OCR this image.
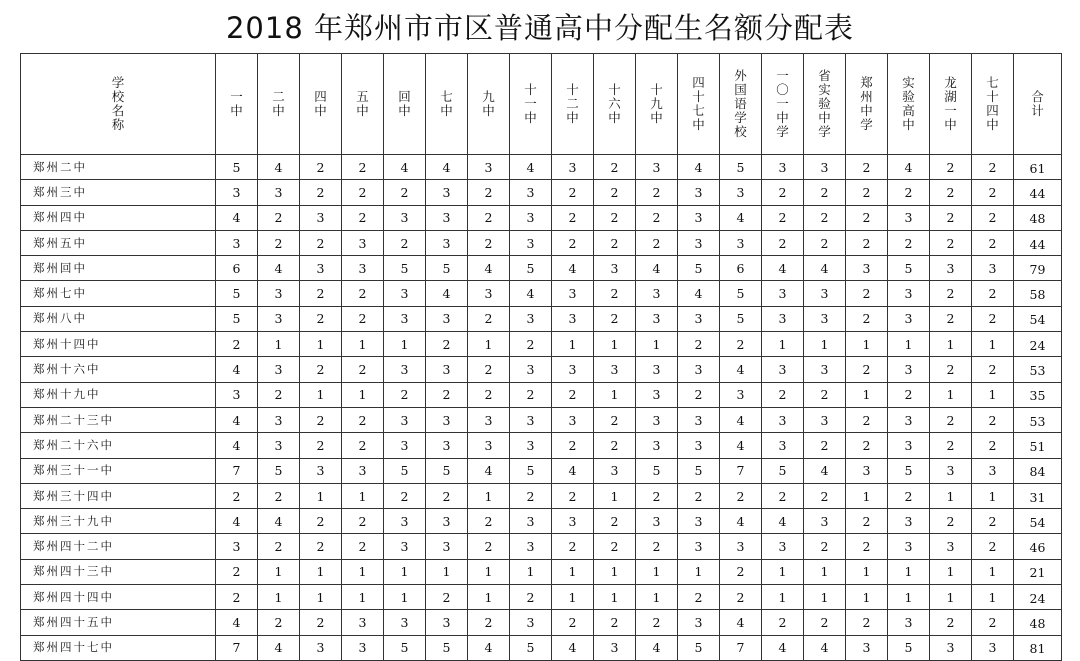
2018 年郑州市市区普通高中分配生名额分配表
学校名称	一中	二中	四中	五中	回中	七中	九中	十一中	十二中	十六中	十九中	四十七中	外国语学校	一〇一中学	省实验中学	郑州中学	实验高中	龙湖一中	七十四中	合计
郑州二中	5	4	2	2	4	4	3	4	3	2	3	4	5	3	3	2	4	2	2	61
郑州三中	3	3	2	2	2	3	2	3	2	2	2	3	3	2	2	2	2	2	2	44
郑州四中	4	2	3	2	3	3	2	3	2	2	2	3	4	2	2	2	3	2	2	48
郑州五中	3	2	2	3	2	3	2	3	2	2	2	3	3	2	2	2	2	2	2	44
郑州回中	6	4	3	3	5	5	4	5	4	3	4	5	6	4	4	3	5	3	3	79
郑州七中	5	3	2	2	3	4	3	4	3	2	3	4	5	3	3	2	3	2	2	58
郑州八中	5	3	2	2	3	3	2	3	3	2	3	3	5	3	3	2	3	2	2	54
郑州十四中	2	1	1	1	1	2	1	2	1	1	1	2	2	1	1	1	1	1	1	24
郑州十六中	4	3	2	2	3	3	2	3	3	3	3	3	4	3	3	2	3	2	2	53
郑州十九中	3	2	1	1	2	2	2	2	2	1	3	2	3	2	2	1	2	1	1	35
郑州二十三中	4	3	2	2	3	3	3	3	3	2	3	3	4	3	3	2	3	2	2	53
郑州二十六中	4	3	2	2	3	3	3	3	2	2	3	3	4	3	2	2	3	2	2	51
郑州三十一中	7	5	3	3	5	5	4	5	4	3	5	5	7	5	4	3	5	3	3	84
郑州三十四中	2	2	1	1	2	2	1	2	2	1	2	2	2	2	2	1	2	1	1	31
郑州三十九中	4	4	2	2	3	3	2	3	3	2	3	3	4	4	3	2	3	2	2	54
郑州四十二中	3	2	2	2	3	3	2	3	2	2	2	3	3	3	2	2	3	3	2	46
郑州四十三中	2	1	1	1	1	1	1	1	1	1	1	1	2	1	1	1	1	1	1	21
郑州四十四中	2	1	1	1	1	2	1	2	1	1	1	2	2	1	1	1	1	1	1	24
郑州四十五中	4	2	2	3	3	3	2	3	2	2	2	3	4	2	2	2	3	2	2	48
郑州四十七中	7	4	3	3	5	5	4	5	4	3	4	5	7	4	4	3	5	3	3	81
